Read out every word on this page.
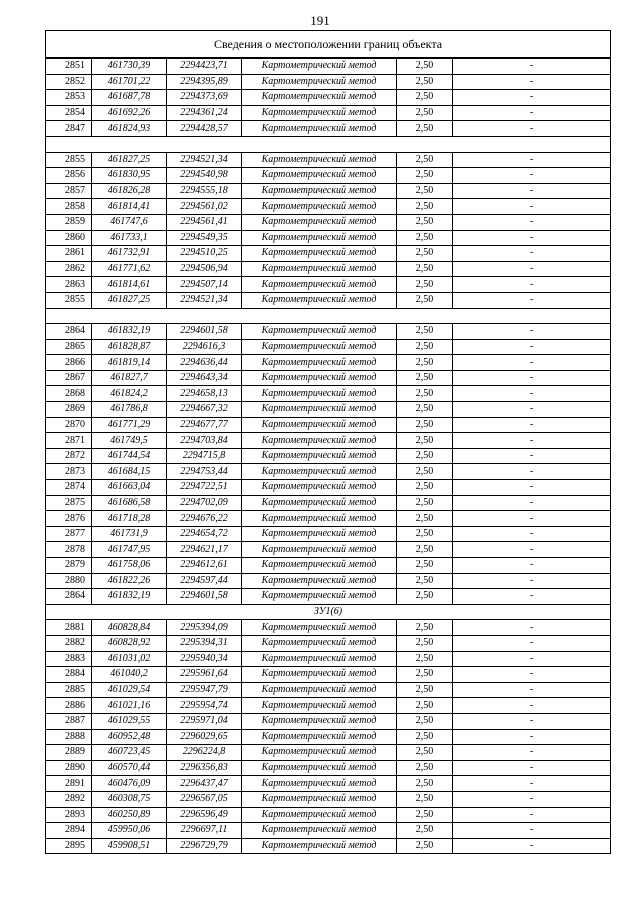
191
Сведения о местоположении границ объекта					
2851	461730,39	2294423,71	Картометрический метод	2,50	-
2852	461701,22	2294395,89	Картометрический метод	2,50	-
2853	461687,78	2294373,69	Картометрический метод	2,50	-
2854	461692,26	2294361,24	Картометрический метод	2,50	-
2847	461824,93	2294428,57	Картометрический метод	2,50	-

2855	461827,25	2294521,34	Картометрический метод	2,50	-
2856	461830,95	2294540,98	Картометрический метод	2,50	-
2857	461826,28	2294555,18	Картометрический метод	2,50	-
2858	461814,41	2294561,02	Картометрический метод	2,50	-
2859	461747,6	2294561,41	Картометрический метод	2,50	-
2860	461733,1	2294549,35	Картометрический метод	2,50	-
2861	461732,91	2294510,25	Картометрический метод	2,50	-
2862	461771,62	2294506,94	Картометрический метод	2,50	-
2863	461814,61	2294507,14	Картометрический метод	2,50	-
2855	461827,25	2294521,34	Картометрический метод	2,50	-

2864	461832,19	2294601,58	Картометрический метод	2,50	-
2865	461828,87	2294616,3	Картометрический метод	2,50	-
2866	461819,14	2294636,44	Картометрический метод	2,50	-
2867	461827,7	2294643,34	Картометрический метод	2,50	-
2868	461824,2	2294658,13	Картометрический метод	2,50	-
2869	461786,8	2294667,32	Картометрический метод	2,50	-
2870	461771,29	2294677,77	Картометрический метод	2,50	-
2871	461749,5	2294703,84	Картометрический метод	2,50	-
2872	461744,54	2294715,8	Картометрический метод	2,50	-
2873	461684,15	2294753,44	Картометрический метод	2,50	-
2874	461663,04	2294722,51	Картометрический метод	2,50	-
2875	461686,58	2294702,09	Картометрический метод	2,50	-
2876	461718,28	2294676,22	Картометрический метод	2,50	-
2877	461731,9	2294654,72	Картометрический метод	2,50	-
2878	461747,95	2294621,17	Картометрический метод	2,50	-
2879	461758,06	2294612,61	Картометрический метод	2,50	-
2880	461822,26	2294597,44	Картометрический метод	2,50	-
2864	461832,19	2294601,58	Картометрический метод	2,50	-
ЗУ1(6)					
2881	460828,84	2295394,09	Картометрический метод	2,50	-
2882	460828,92	2295394,31	Картометрический метод	2,50	-
2883	461031,02	2295940,34	Картометрический метод	2,50	-
2884	461040,2	2295961,64	Картометрический метод	2,50	-
2885	461029,54	2295947,79	Картометрический метод	2,50	-
2886	461021,16	2295954,74	Картометрический метод	2,50	-
2887	461029,55	2295971,04	Картометрический метод	2,50	-
2888	460952,48	2296029,65	Картометрический метод	2,50	-
2889	460723,45	2296224,8	Картометрический метод	2,50	-
2890	460570,44	2296356,83	Картометрический метод	2,50	-
2891	460476,09	2296437,47	Картометрический метод	2,50	-
2892	460308,75	2296567,05	Картометрический метод	2,50	-
2893	460250,89	2296596,49	Картометрический метод	2,50	-
2894	459950,06	2296697,11	Картометрический метод	2,50	-
2895	459908,51	2296729,79	Картометрический метод	2,50	-
